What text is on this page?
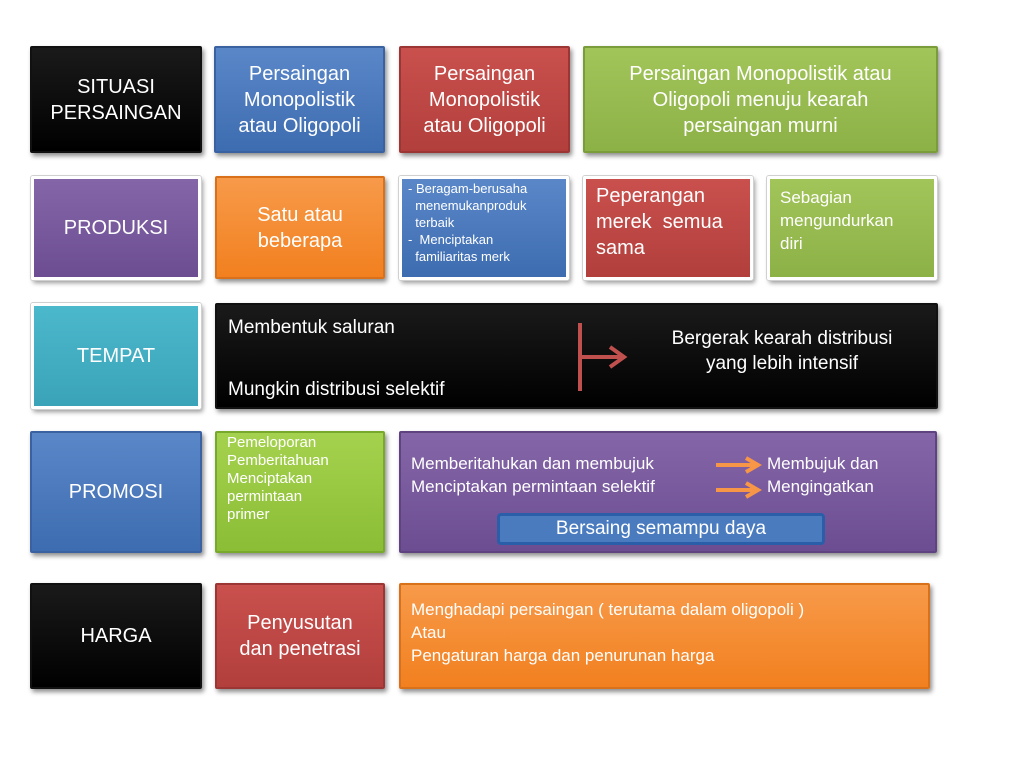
SITUASI
PERSAINGAN
Persaingan
Monopolistik
atau Oligopoli
Persaingan
Monopolistik
atau Oligopoli
Persaingan Monopolistik atau
Oligopoli menuju kearah
persaingan murni
PRODUKSI
Satu atau
beberapa
- Beragam-berusaha
menemukanproduk
terbaik
-  Menciptakan
familiaritas merk
Peperangan
merek  semua
sama
Sebagian
mengundurkan
diri
TEMPAT
Membentuk saluran
Mungkin distribusi selektif
Bergerak kearah distribusi
yang lebih intensif
PROMOSI
Pemeloporan
Pemberitahuan
Menciptakan
permintaan
primer
Memberitahukan dan membujuk
Menciptakan permintaan selektif
Membujuk dan
Mengingatkan
Bersaing semampu daya
HARGA
Penyusutan
dan penetrasi
Menghadapi persaingan ( terutama dalam oligopoli )
Atau
Pengaturan harga dan penurunan harga
